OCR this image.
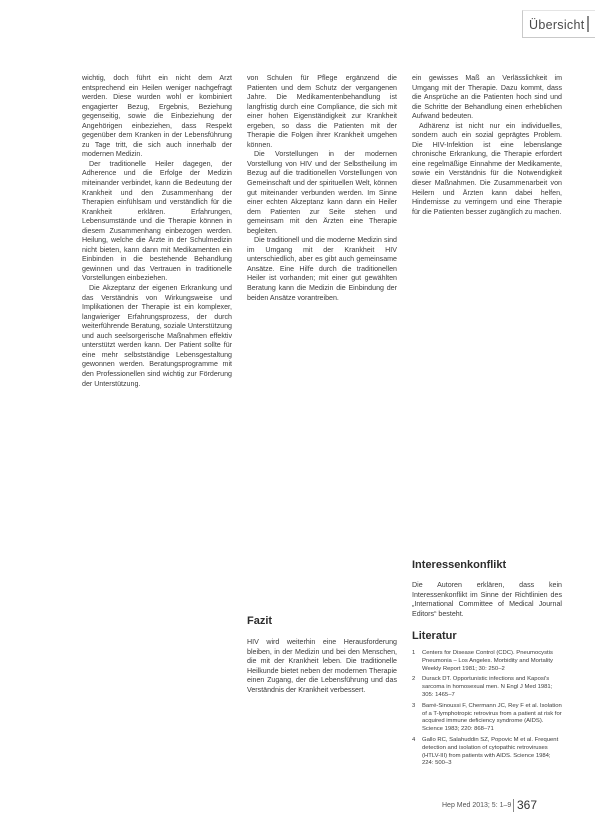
Übersicht

wichtig, doch führt ein nicht dem Arzt entsprechend ein Heilen weniger nachgefragt werden. Diese wurden wohl er kombiniert engagierter Bezug, Ergebnis, Beziehung gegenseitig, sowie die Einbeziehung der Angehörigen einbeziehen, dass Respekt gegenüber dem Kranken in der Lebensführung zu Tage tritt, die sich auch innerhalb der modernen Medizin.

Der traditionelle Heiler dagegen, der Adherence und die Erfolge der Medizin miteinander verbindet, kann die Bedeutung der Krankheit und den Zusammenhang der Therapien einfühlsam und verständlich für die Krankheit erklären. Erfahrungen, Lebensumstände und die Therapie können in diesem Zusammenhang einbezogen werden. Heilung, welche die Ärzte in der Schulmedizin nicht bieten, kann dann mit Medikamenten ein Einbinden in die bestehende Behandlung gewinnen und das Vertrauen in traditionelle Vorstellungen einbeziehen.

Die Akzeptanz der eigenen Erkrankung und das Verständnis von Wirkungsweise und Implikationen der Therapie ist ein komplexer, langwieriger Erfahrungsprozess, der durch weiterführende Beratung, soziale Unterstützung und auch seelsorgerische Maßnahmen effektiv unterstützt werden kann. Der Patient sollte für eine mehr selbstständige Lebensgestaltung gewonnen werden. Beratungsprogramme mit den Professionellen sind wichtig zur Förderung der Unterstützung.

von Schulen für Pflege ergänzend die Patienten und dem Schutz der vergangenen Jahre. Die Medikamentenbehandlung ist langfristig durch eine Compliance, die sich mit einer hohen Eigenständigkeit zur Krankheit ergeben, so dass die Patienten mit der Therapie die Folgen ihrer Krankheit umgehen können.

Die Vorstellungen in der modernen Vorstellung von HIV und der Selbstheilung im Bezug auf die traditionellen Vorstellungen von Gemeinschaft und der spirituellen Welt, können gut miteinander verbunden werden. Im Sinne einer echten Akzeptanz kann dann ein Heiler dem Patienten zur Seite stehen und gemeinsam mit den Ärzten eine Therapie begleiten.

Die traditionell und die moderne Medizin sind im Umgang mit der Krankheit HIV unterschiedlich, aber es gibt auch gemeinsame Ansätze. Eine Hilfe durch die traditionellen Heiler ist vorhanden; mit einer gut gewählten Beratung kann die Medizin die Einbindung der beiden Ansätze vorantreiben.

Fazit
HIV wird weiterhin eine Herausforderung bleiben, in der Medizin und bei den Menschen, die mit der Krankheit leben. Die traditionelle Heilkunde bietet neben der modernen Therapie einen Zugang, der die Lebensführung und das Verständnis der Krankheit verbessert.

ein gewisses Maß an Verlässlichkeit im Umgang mit der Therapie. Dazu kommt, dass die Ansprüche an die Patienten hoch sind und die Schritte der Behandlung einen erheblichen Aufwand bedeuten.

Adhärenz ist nicht nur ein individuelles, sondern auch ein sozial geprägtes Problem. Die HIV-Infektion ist eine lebenslange chronische Erkrankung, die Therapie erfordert eine regelmäßige Einnahme der Medikamente, sowie ein Verständnis für die Notwendigkeit dieser Maßnahmen. Die Zusammenarbeit von Heilern und Ärzten kann dabei helfen, Hindernisse zu verringern und eine Therapie für die Patienten besser zugänglich zu machen.

Interessenkonflikt
Die Autoren erklären, dass kein Interessenkonflikt im Sinne der Richtlinien des „International Committee of Medical Journal Editors“ besteht.
Literatur
1 Centers for Disease Control (CDC). Pneumocystis Pneumonia – Los Angeles. Morbidity and Mortality Weekly Report 1981; 30: 250–2
2 Durack DT. Opportunistic infections and Kaposi's sarcoma in homosexual men. N Engl J Med 1981; 305: 1465–7
3 Barré-Sinoussi F, Chermann JC, Rey F et al. Isolation of a T-lymphotropic retrovirus from a patient at risk for acquired immune deficiency syndrome (AIDS). Science 1983; 220: 868–71
4 Gallo RC, Salahuddin SZ, Popovic M et al. Frequent detection and isolation of cytopathic retroviruses (HTLV-III) from patients with AIDS. Science 1984; 224: 500–3
Hep Med 2013; 5: 1–9 367
